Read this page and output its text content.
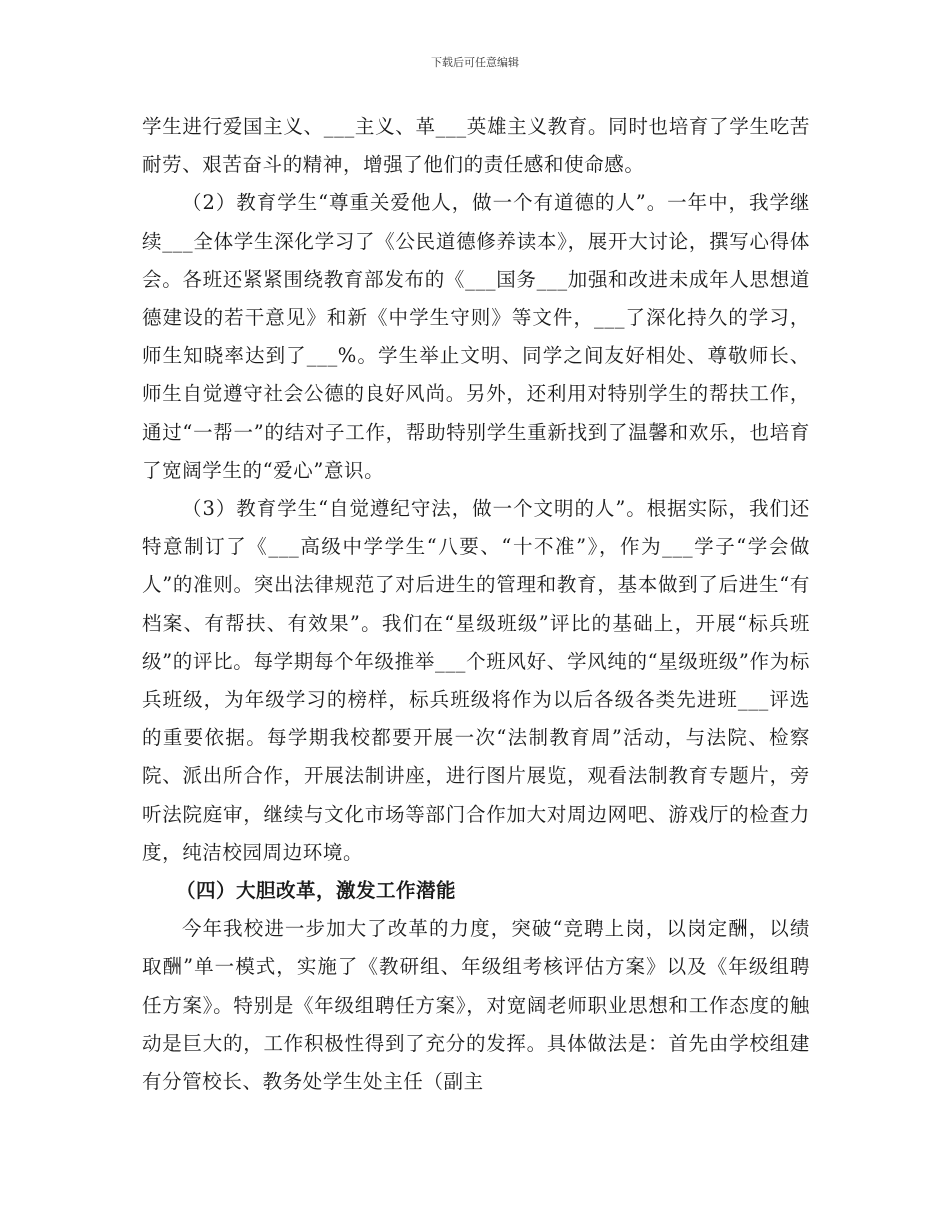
下载后可任意编辑

学生进行爱国主义、___主义、革___英雄主义教育。同时也培育了学生吃苦耐劳、艰苦奋斗的精神，增强了他们的责任感和使命感。

（2）教育学生“尊重关爱他人，做一个有道德的人”。一年中，我学继续___全体学生深化学习了《公民道德修养读本》，展开大讨论，撰写心得体会。各班还紧紧围绕教育部发布的《___国务___加强和改进未成年人思想道德建设的若干意见》和新《中学生守则》等文件，___了深化持久的学习，师生知晓率达到了___%。学生举止文明、同学之间友好相处、尊敬师长、师生自觉遵守社会公德的良好风尚。另外，还利用对特别学生的帮扶工作，通过“一帮一”的结对子工作，帮助特别学生重新找到了温馨和欢乐，也培育了宽阔学生的“爱心”意识。

（3）教育学生“自觉遵纪守法，做一个文明的人”。根据实际，我们还特意制订了《___高级中学学生“八要、“十不准”》，作为___学子“学会做人”的准则。突出法律规范了对后进生的管理和教育，基本做到了后进生“有档案、有帮扶、有效果”。我们在“星级班级”评比的基础上，开展“标兵班级”的评比。每学期每个年级推举___个班风好、学风纯的“星级班级”作为标兵班级，为年级学习的榜样，标兵班级将作为以后各级各类先进班___评选的重要依据。每学期我校都要开展一次“法制教育周”活动，与法院、检察院、派出所合作，开展法制讲座，进行图片展览，观看法制教育专题片，旁听法院庭审，继续与文化市场等部门合作加大对周边网吧、游戏厅的检查力度，纯洁校园周边环境。

（四）大胆改革，激发工作潜能

今年我校进一步加大了改革的力度，突破“竞聘上岗，以岗定酬，以绩取酬”单一模式，实施了《教研组、年级组考核评估方案》以及《年级组聘任方案》。特别是《年级组聘任方案》，对宽阔老师职业思想和工作态度的触动是巨大的，工作积极性得到了充分的发挥。具体做法是：首先由学校组建有分管校长、教务处学生处主任（副主
